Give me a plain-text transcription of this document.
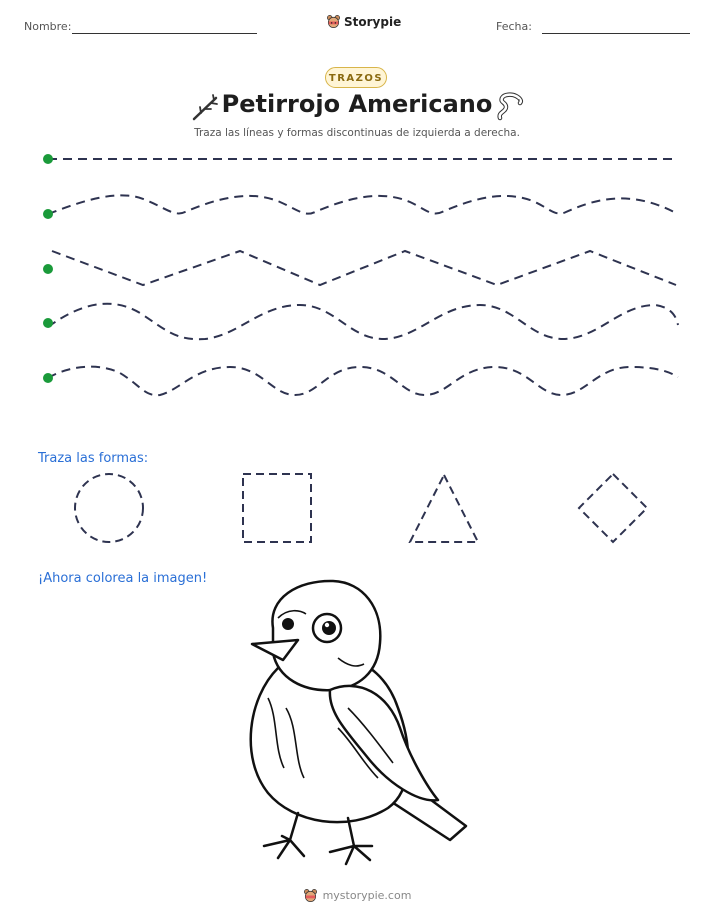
Nombre:	Storypie	Fecha:
TRAZOS
Petirrojo Americano
Traza las líneas y formas discontinuas de izquierda a derecha.
Traza las formas:
¡Ahora colorea la imagen!
mystorypie.com
